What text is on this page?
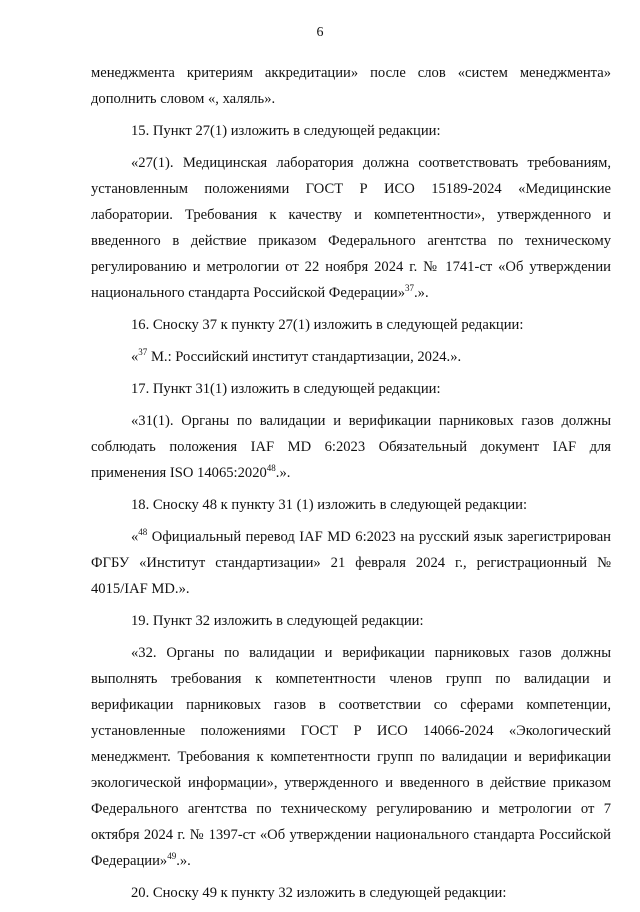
6

менеджмента критериям аккредитации» после слов «систем менеджмента» дополнить словом «, халяль».

15. Пункт 27(1) изложить в следующей редакции:

«27(1). Медицинская лаборатория должна соответствовать требованиям, установленным положениями ГОСТ Р ИСО 15189-2024 «Медицинские лаборатории. Требования к качеству и компетентности», утвержденного и введенного в действие приказом Федерального агентства по техническому регулированию и метрологии от 22 ноября 2024 г. № 1741-ст «Об утверждении национального стандарта Российской Федерации»$^{37}$.».

16. Сноску 37 к пункту 27(1) изложить в следующей редакции:

«$^{37}$ М.: Российский институт стандартизации, 2024.».

17. Пункт 31(1) изложить в следующей редакции:

«31(1). Органы по валидации и верификации парниковых газов должны соблюдать положения IAF MD 6:2023 Обязательный документ IAF для применения ISO 14065:2020$^{48}$.».

18. Сноску 48 к пункту 31 (1) изложить в следующей редакции:

«$^{48}$ Официальный перевод IAF MD 6:2023 на русский язык зарегистрирован ФГБУ «Институт стандартизации» 21 февраля 2024 г., регистрационный № 4015/IAF MD.».

19. Пункт 32 изложить в следующей редакции:

«32. Органы по валидации и верификации парниковых газов должны выполнять требования к компетентности членов групп по валидации и верификации парниковых газов в соответствии со сферами компетенции, установленные положениями ГОСТ Р ИСО 14066-2024 «Экологический менеджмент. Требования к компетентности групп по валидации и верификации экологической информации», утвержденного и введенного в действие приказом Федерального агентства по техническому регулированию и метрологии от 7 октября 2024 г. № 1397-ст «Об утверждении национального стандарта Российской Федерации»$^{49}$.».

20. Сноску 49 к пункту 32 изложить в следующей редакции:
